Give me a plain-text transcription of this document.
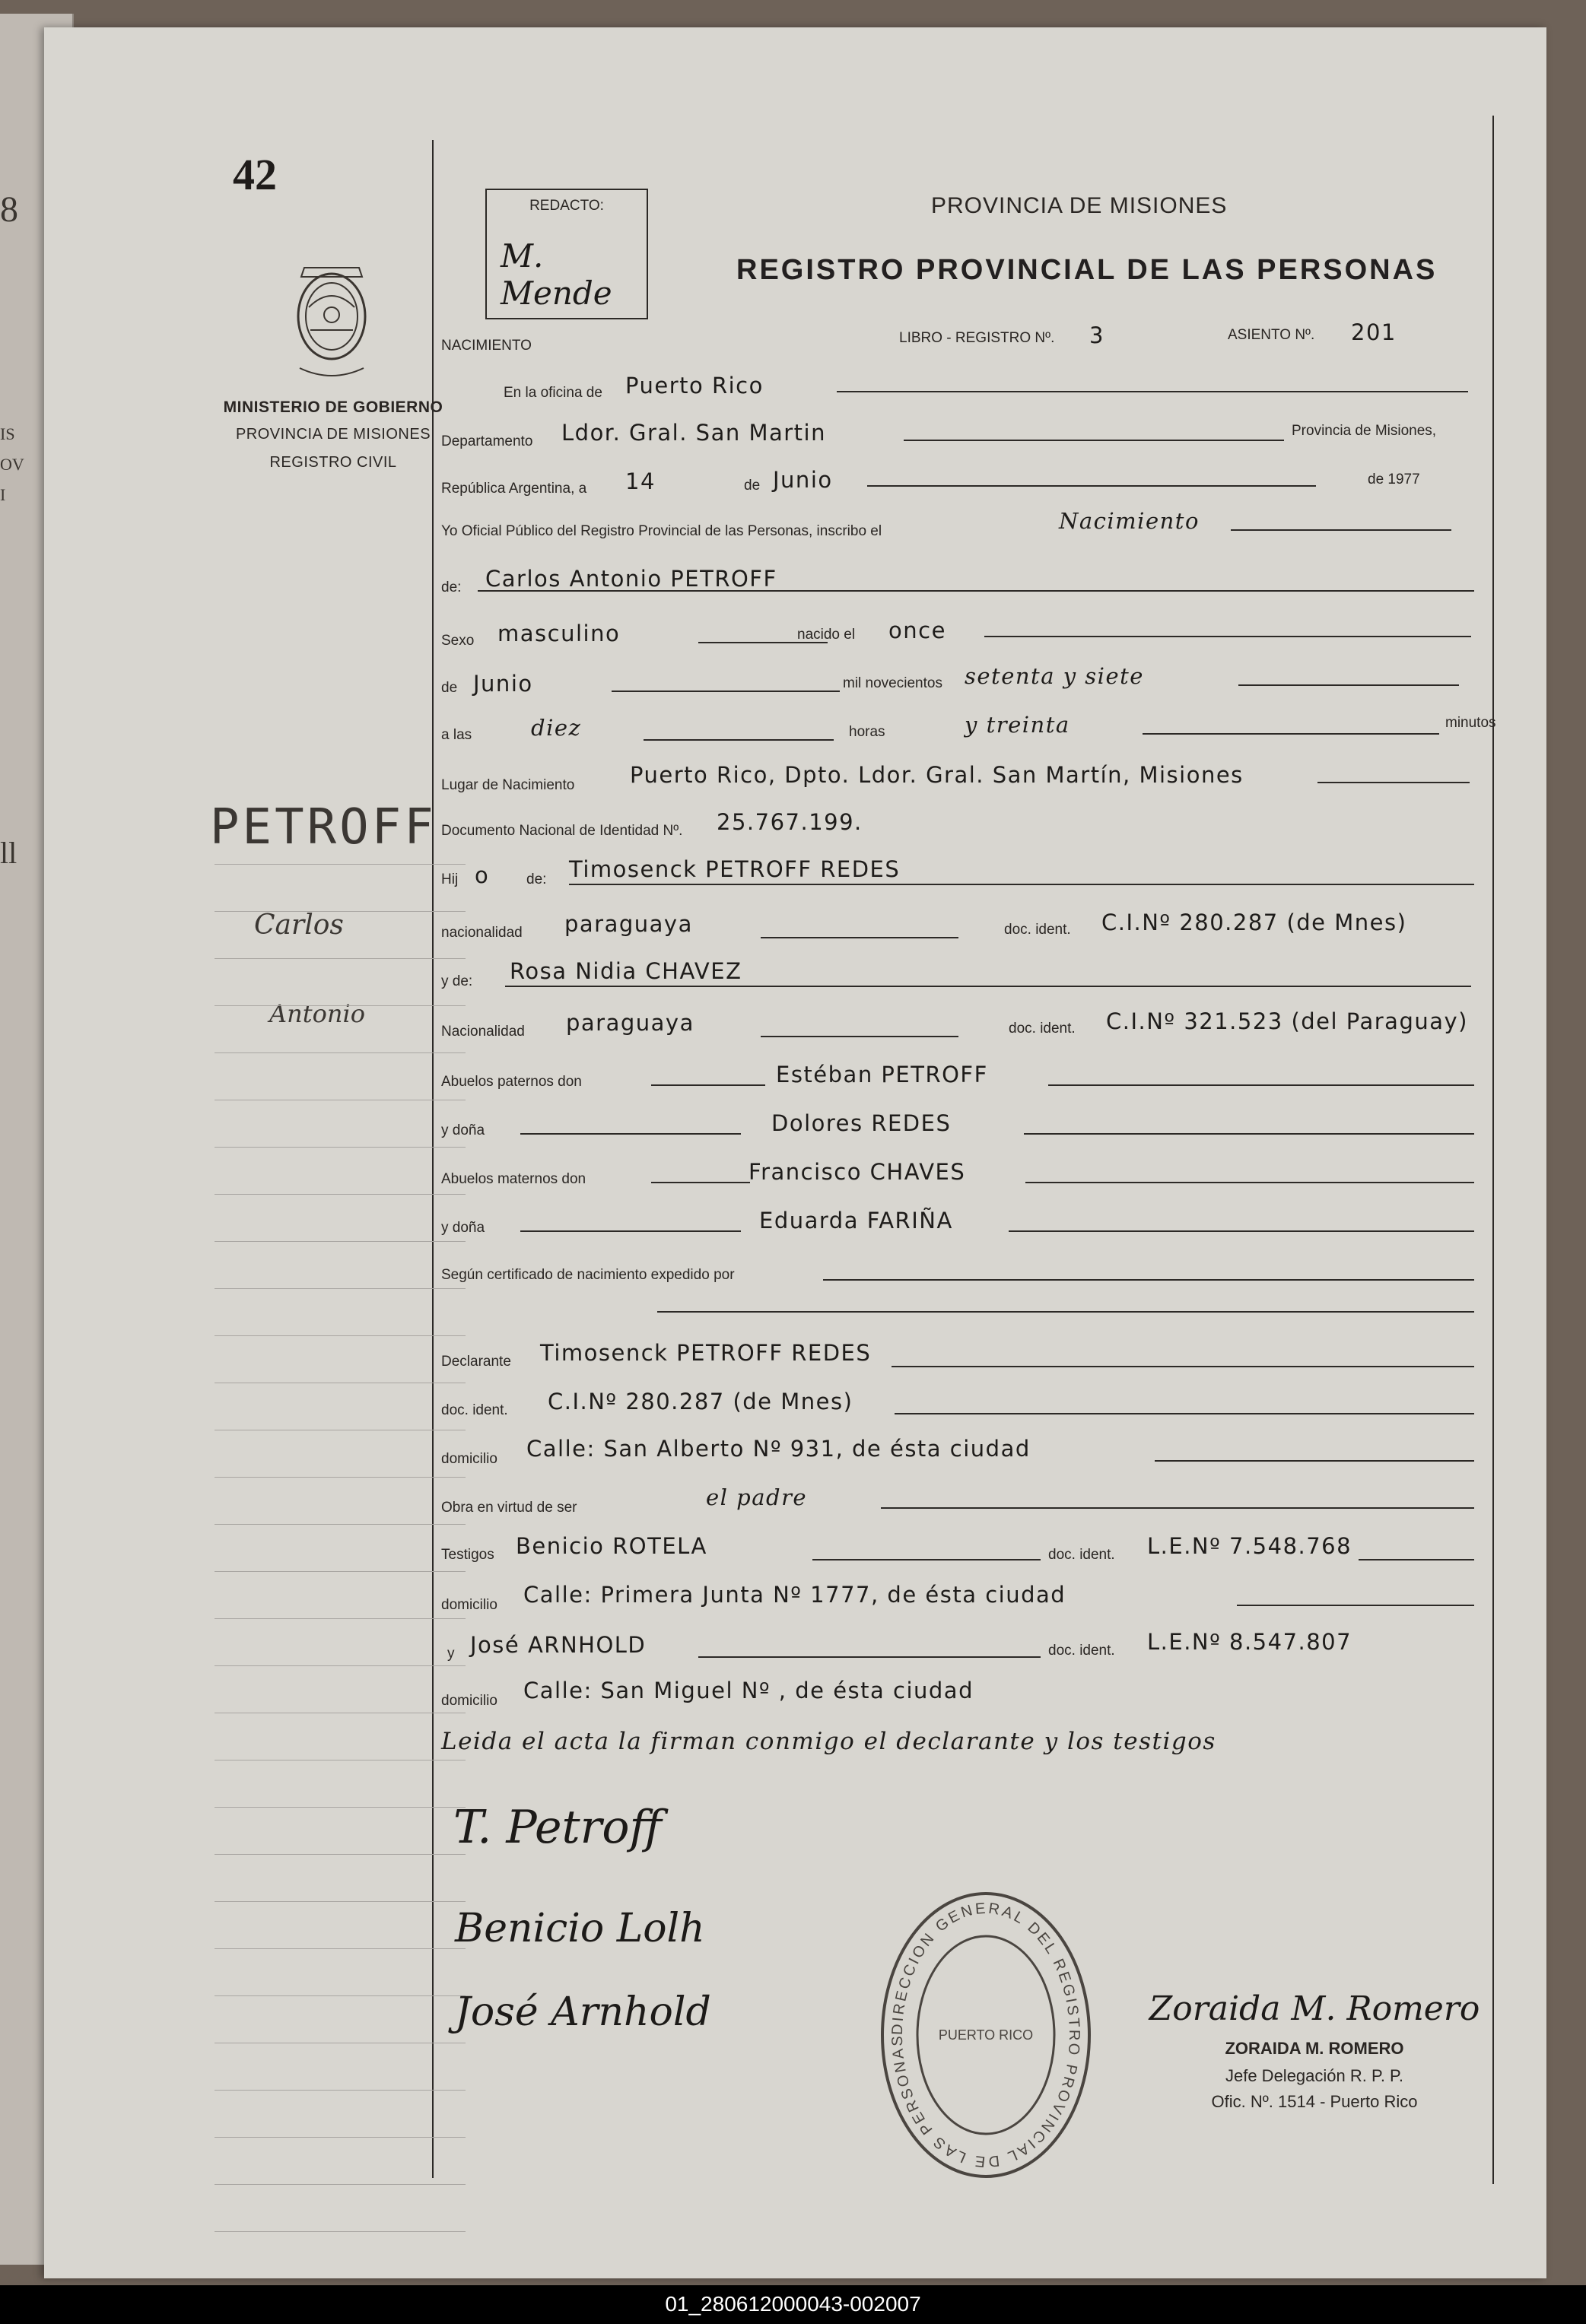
8
IS
OV
I
ll
42
MINISTERIO DE GOBIERNO
PROVINCIA DE MISIONES
REGISTRO CIVIL
PETROFF
Carlos
Antonio
REDACTO:
M. Mende
PROVINCIA DE MISIONES
REGISTRO PROVINCIAL DE LAS PERSONAS
NACIMIENTO	LIBRO - REGISTRO Nº. 3	ASIENTO Nº. 201
En la oficina de Puerto Rico
Departamento Ldor. Gral. San Martin	Provincia de Misiones,
República Argentina, a 14	de Junio	de 1977
Yo Oficial Público del Registro Provincial de las Personas, inscribo el	Nacimiento
de: Carlos Antonio PETROFF
Sexo masculino	nacido el once
de Junio	mil novecientos setenta y siete
a las	diez	horas	y treinta	minutos
Lugar de Nacimiento	Puerto Rico, Dpto. Ldor. Gral. San Martín, Misiones
Documento Nacional de Identidad Nº. 25.767.199.
Hij o	de: Timosenck PETROFF REDES
nacionalidad paraguaya	doc. ident. C.I.Nº 280.287 (de Mnes)
y de: Rosa Nidia CHAVEZ
Nacionalidad paraguaya	doc. ident. C.I.Nº 321.523 (del Paraguay)
Abuelos paternos don	Estéban PETROFF
y doña	Dolores REDES
Abuelos maternos don	Francisco CHAVES
y doña	Eduarda FARIÑA
Según certificado de nacimiento expedido por
Declarante Timosenck PETROFF REDES
doc. ident. C.I.Nº 280.287 (de Mnes)
domicilio Calle: San Alberto Nº 931, de ésta ciudad
Obra en virtud de ser	el padre
Testigos Benicio ROTELA	doc. ident. L.E.Nº 7.548.768
domicilio Calle: Primera Junta Nº 1777, de ésta ciudad
y José ARNHOLD	doc. ident. L.E.Nº 8.547.807
domicilio Calle: San Miguel Nº , de ésta ciudad
Leida el acta la firman conmigo el declarante y los testigos
T. Petroff
Benicio Lolh
José Arnhold	DIRECCION GENERAL DEL REGISTRO PROVINCIAL DE LAS PERSONAS	PUERTO RICO
Zoraida M. Romero
ZORAIDA M. ROMERO
Jefe Delegación R. P. P.
Ofic. Nº. 1514 - Puerto Rico
01_280612000043-002007
